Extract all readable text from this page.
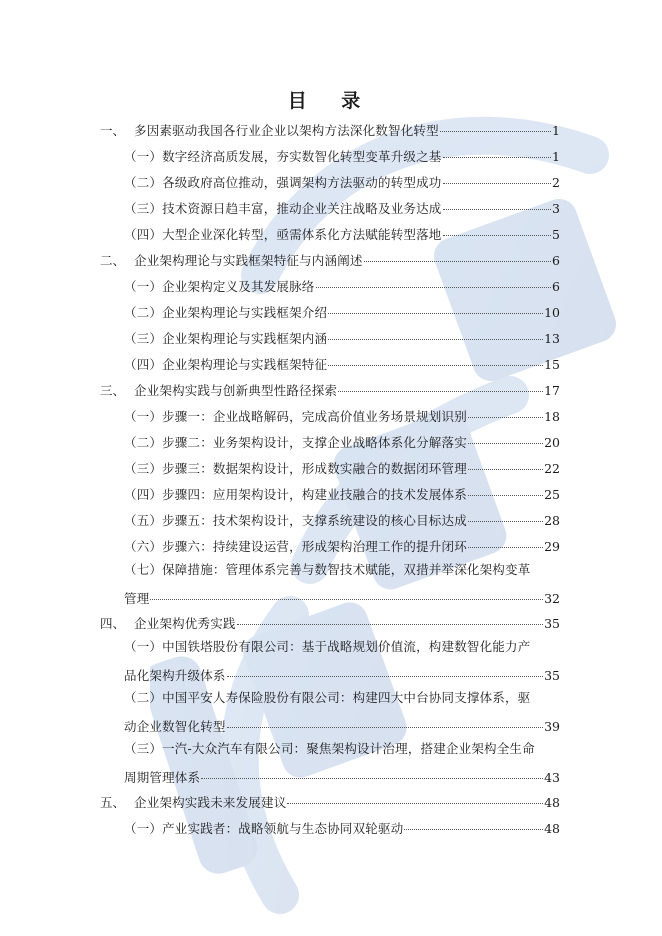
目 录
一、 多因素驱动我国各行业企业以架构方法深化数智化转型	1
（一）数字经济高质发展，夯实数智化转型变革升级之基	1
（二）各级政府高位推动，强调架构方法驱动的转型成功	2
（三）技术资源日趋丰富，推动企业关注战略及业务达成	3
（四）大型企业深化转型，亟需体系化方法赋能转型落地	5
二、 企业架构理论与实践框架特征与内涵阐述	6
（一）企业架构定义及其发展脉络	6
（二）企业架构理论与实践框架介绍	10
（三）企业架构理论与实践框架内涵	13
（四）企业架构理论与实践框架特征	15
三、 企业架构实践与创新典型性路径探索	17
（一）步骤一：企业战略解码，完成高价值业务场景规划识别	18
（二）步骤二：业务架构设计，支撑企业战略体系化分解落实	20
（三）步骤三：数据架构设计，形成数实融合的数据闭环管理	22
（四）步骤四：应用架构设计，构建业技融合的技术发展体系	25
（五）步骤五：技术架构设计，支撑系统建设的核心目标达成	28
（六）步骤六：持续建设运营，形成架构治理工作的提升闭环	29
（七）保障措施：管理体系完善与数智技术赋能，双措并举深化架构变革
管理	32
四、 企业架构优秀实践	35
（一）中国铁塔股份有限公司：基于战略规划价值流，构建数智化能力产
品化架构升级体系	35
（二）中国平安人寿保险股份有限公司：构建四大中台协同支撑体系，驱
动企业数智化转型	39
（三）一汽-大众汽车有限公司：聚焦架构设计治理，搭建企业架构全生命
周期管理体系	43
五、 企业架构实践未来发展建议	48
（一）产业实践者：战略领航与生态协同双轮驱动	48
